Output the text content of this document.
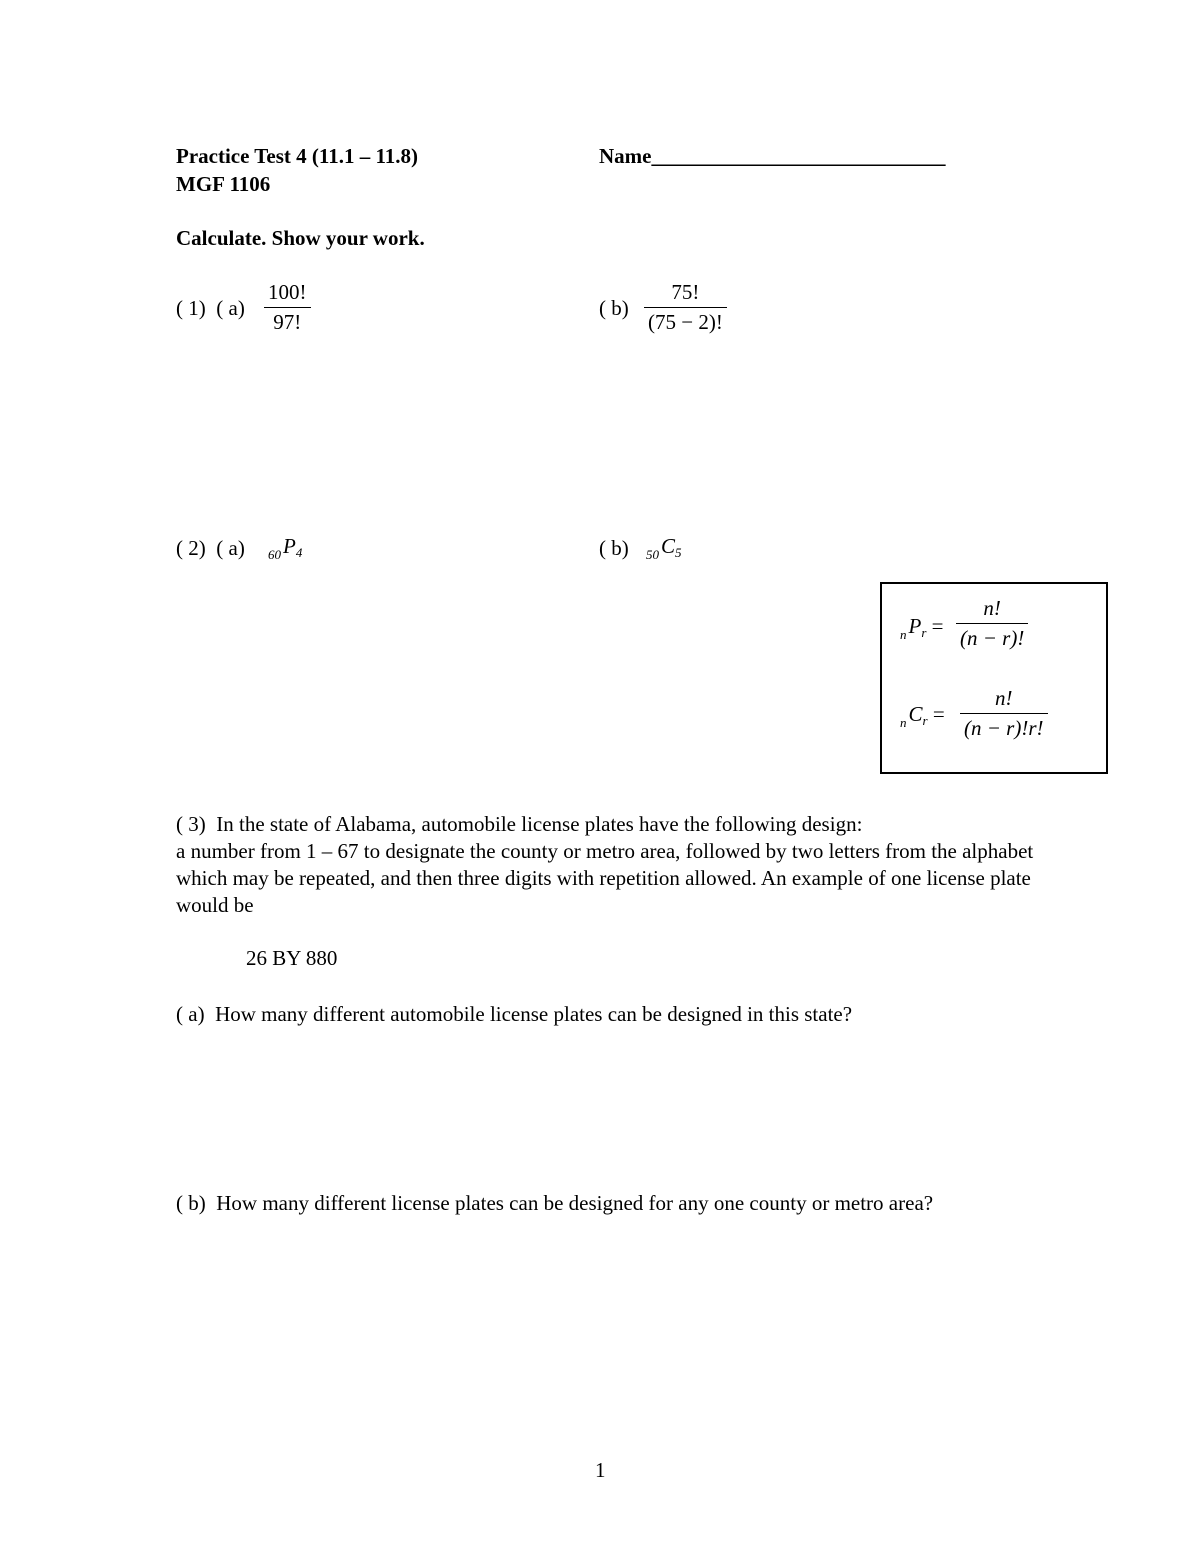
Practice Test 4 (11.1 – 11.8)
MGF 1106
Name____________________________
Calculate. Show your work.
( 1) ( a)
100!
97!
( b)
75!
(75 − 2)!
( 2) ( a) $_{60}$P4	( b) $_{50}$C5
$_n$Pr =
n!
(n − r)!
$_n$Cr =
n!
(n − r)!r!
( 3) In the state of Alabama, automobile license plates have the following design:
a number from 1 – 67 to designate the county or metro area, followed by two letters from the alphabet which may be repeated, and then three digits with repetition allowed. An example of one license plate would be
26 BY 880
( a) How many different automobile license plates can be designed in this state?
( b) How many different license plates can be designed for any one county or metro area?
1
